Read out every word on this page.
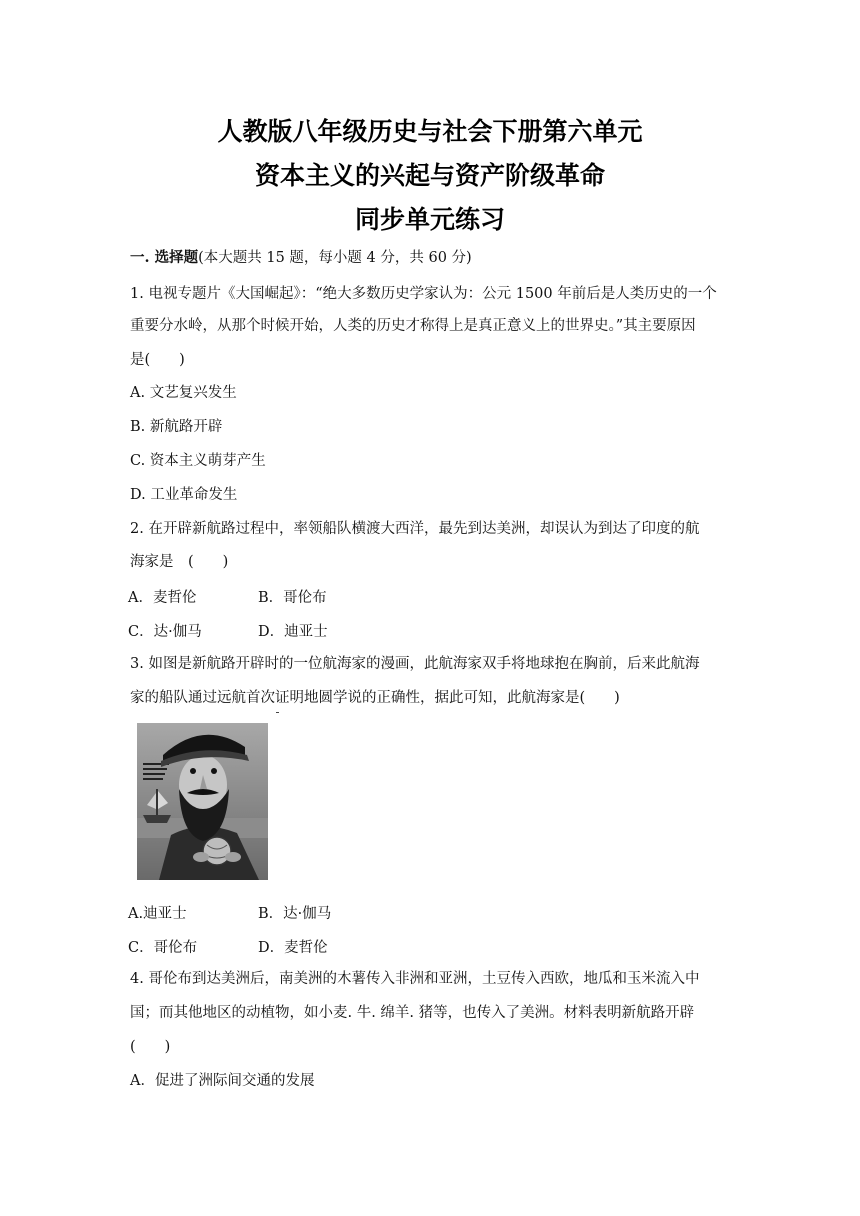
人教版八年级历史与社会下册第六单元
资本主义的兴起与资产阶级革命
同步单元练习
一. 选择题(本大题共 15 题，每小题 4 分，共 60 分)
1. 电视专题片《大国崛起》：“绝大多数历史学家认为：公元 1500 年前后是人类历史的一个
重要分水岭，从那个时候开始，人类的历史才称得上是真正意义上的世界史。”其主要原因
是(　　)
A. 文艺复兴发生
B. 新航路开辟
C. 资本主义萌芽产生
D. 工业革命发生
2. 在开辟新航路过程中，率领船队横渡大西洋，最先到达美洲，却误认为到达了印度的航
海家是　(　　)
A．麦哲伦	B．哥伦布
C．达·伽马	D．迪亚士
3. 如图是新航路开辟时的一位航海家的漫画，此航海家双手将地球抱在胸前，后来此航海
家的船队通过远航首次证明地圆学说的正确性，据此可知，此航海家是(　　)
A.迪亚士	B．达·伽马
C．哥伦布	D．麦哲伦
4. 哥伦布到达美洲后，南美洲的木薯传入非洲和亚洲，土豆传入西欧，地瓜和玉米流入中
国；而其他地区的动植物，如小麦. 牛. 绵羊. 猪等，也传入了美洲。材料表明新航路开辟
(　　)
A．促进了洲际间交通的发展
